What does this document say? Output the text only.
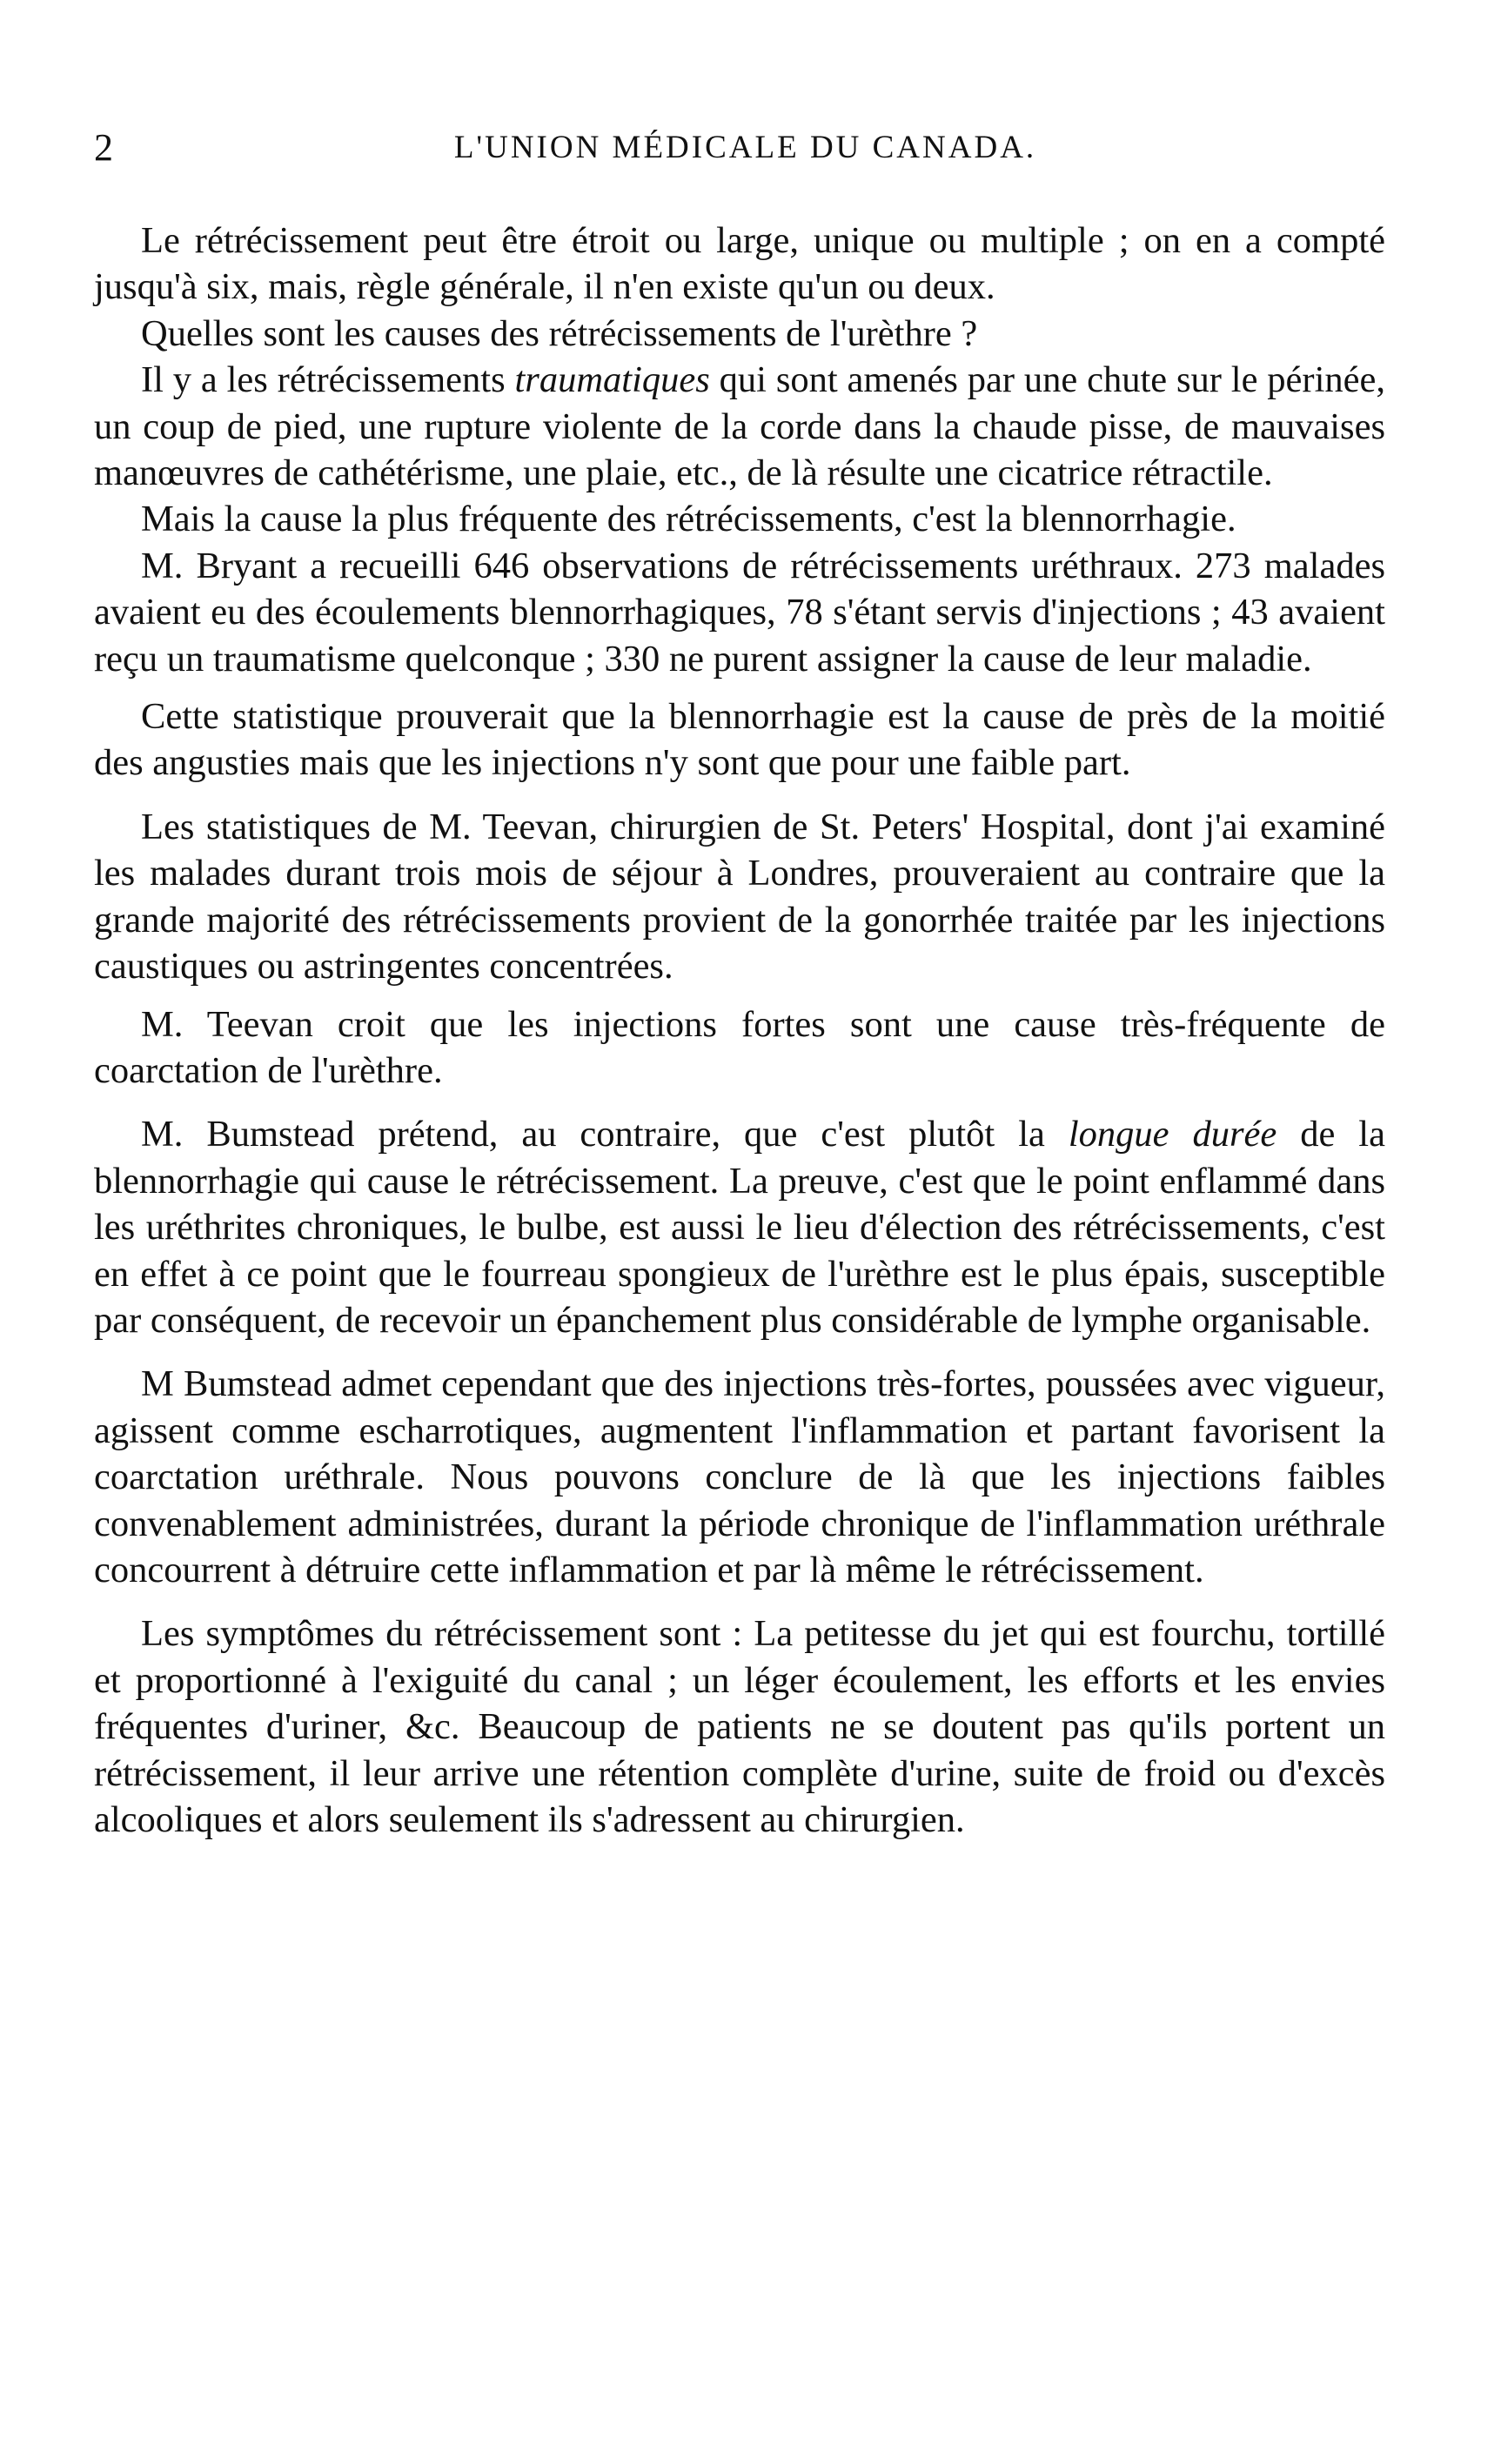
2	L'UNION MÉDICALE DU CANADA.

Le rétrécissement peut être étroit ou large, unique ou multiple ; on en a compté jusqu'à six, mais, règle générale, il n'en existe qu'un ou deux.

Quelles sont les causes des rétrécissements de l'urèthre ?

Il y a les rétrécissements traumatiques qui sont amenés par une chute sur le périnée, un coup de pied, une rupture violente de la corde dans la chaude pisse, de mauvaises manœuvres de cathétérisme, une plaie, etc., de là résulte une cicatrice rétractile.

Mais la cause la plus fréquente des rétrécissements, c'est la blennorrhagie.

M. Bryant a recueilli 646 observations de rétrécissements uréthraux. 273 malades avaient eu des écoulements blennorrhagiques, 78 s'étant servis d'injections ; 43 avaient reçu un traumatisme quelconque ; 330 ne purent assigner la cause de leur maladie.

Cette statistique prouverait que la blennorrhagie est la cause de près de la moitié des angusties mais que les injections n'y sont que pour une faible part.

Les statistiques de M. Teevan, chirurgien de St. Peters' Hospital, dont j'ai examiné les malades durant trois mois de séjour à Londres, prouveraient au contraire que la grande majorité des rétrécissements provient de la gonorrhée traitée par les injections caustiques ou astringentes concentrées.

M. Teevan croit que les injections fortes sont une cause très-fréquente de coarctation de l'urèthre.

M. Bumstead prétend, au contraire, que c'est plutôt la longue durée de la blennorrhagie qui cause le rétrécissement. La preuve, c'est que le point enflammé dans les uréthrites chroniques, le bulbe, est aussi le lieu d'élection des rétrécissements, c'est en effet à ce point que le fourreau spongieux de l'urèthre est le plus épais, susceptible par conséquent, de recevoir un épanchement plus considérable de lymphe organisable.

M Bumstead admet cependant que des injections très-fortes, poussées avec vigueur, agissent comme escharrotiques, augmentent l'inflammation et partant favorisent la coarctation uréthrale. Nous pouvons conclure de là que les injections faibles convenablement administrées, durant la période chronique de l'inflammation uréthrale concourrent à détruire cette inflammation et par là même le rétrécissement.

Les symptômes du rétrécissement sont : La petitesse du jet qui est fourchu, tortillé et proportionné à l'exiguité du canal ; un léger écoulement, les efforts et les envies fréquentes d'uriner, &c. Beaucoup de patients ne se doutent pas qu'ils portent un rétrécissement, il leur arrive une rétention complète d'urine, suite de froid ou d'excès alcooliques et alors seulement ils s'adressent au chirurgien.
